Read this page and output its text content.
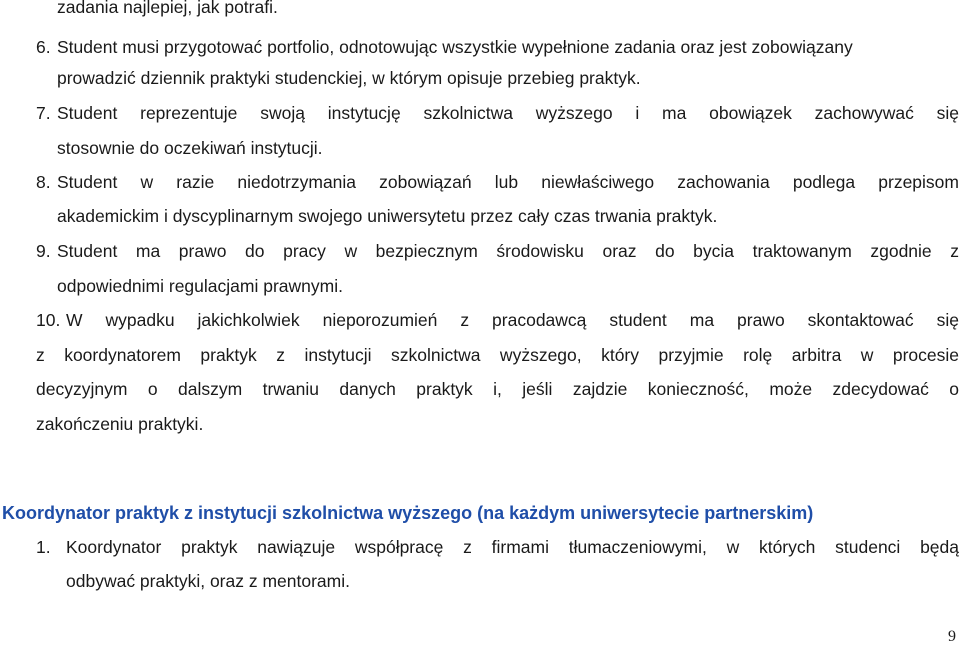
zadania najlepiej, jak potrafi.
6. Student musi przygotować portfolio, odnotowując wszystkie wypełnione zadania oraz jest zobowiązany
prowadzić dziennik praktyki studenckiej, w którym opisuje przebieg praktyk.
7. Student reprezentuje swoją instytucję szkolnictwa wyższego i ma obowiązek zachowywać się
stosownie do oczekiwań instytucji.
8. Student w razie niedotrzymania zobowiązań lub niewłaściwego zachowania podlega przepisom
akademickim i dyscyplinarnym swojego uniwersytetu przez cały czas trwania praktyk.
9. Student ma prawo do pracy w bezpiecznym środowisku oraz do bycia traktowanym zgodnie z
odpowiednimi regulacjami prawnymi.
10. W wypadku jakichkolwiek nieporozumień z pracodawcą student ma prawo skontaktować się
z koordynatorem praktyk z instytucji szkolnictwa wyższego, który przyjmie rolę arbitra w procesie
decyzyjnym o dalszym trwaniu danych praktyk i, jeśli zajdzie konieczność, może zdecydować o
zakończeniu praktyki.
Koordynator praktyk z instytucji szkolnictwa wyższego (na każdym uniwersytecie partnerskim)
1. Koordynator praktyk nawiązuje współpracę z firmami tłumaczeniowymi, w których studenci będą
odbywać praktyki, oraz z mentorami.
9
